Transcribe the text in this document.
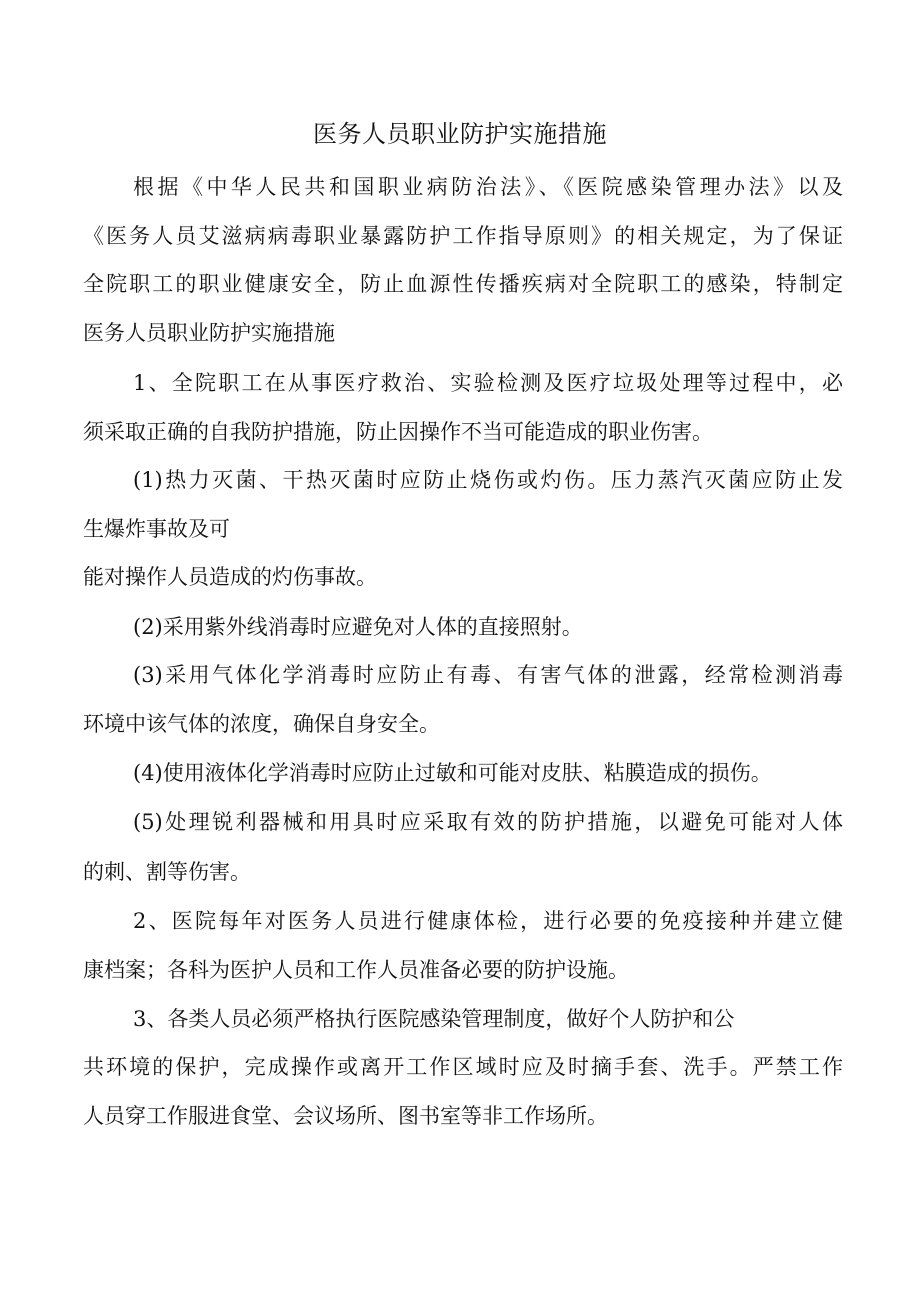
医务人员职业防护实施措施

根据《中华人民共和国职业病防治法》、《医院感染管理办法》以及

《医务人员艾滋病病毒职业暴露防护工作指导原则》的相关规定，为了保证

全院职工的职业健康安全，防止血源性传播疾病对全院职工的感染，特制定

医务人员职业防护实施措施

1、全院职工在从事医疗救治、实验检测及医疗垃圾处理等过程中，必

须采取正确的自我防护措施，防止因操作不当可能造成的职业伤害。

(1)热力灭菌、干热灭菌时应防止烧伤或灼伤。压力蒸汽灭菌应防止发

生爆炸事故及可

能对操作人员造成的灼伤事故。

(2)采用紫外线消毒时应避免对人体的直接照射。

(3)采用气体化学消毒时应防止有毒、有害气体的泄露，经常检测消毒

环境中该气体的浓度，确保自身安全。

(4)使用液体化学消毒时应防止过敏和可能对皮肤、粘膜造成的损伤。

(5)处理锐利器械和用具时应采取有效的防护措施，以避免可能对人体

的刺、割等伤害。

2、医院每年对医务人员进行健康体检，进行必要的免疫接种并建立健

康档案；各科为医护人员和工作人员准备必要的防护设施。

3、各类人员必须严格执行医院感染管理制度，做好个人防护和公

共环境的保护，完成操作或离开工作区域时应及时摘手套、洗手。严禁工作

人员穿工作服进食堂、会议场所、图书室等非工作场所。
